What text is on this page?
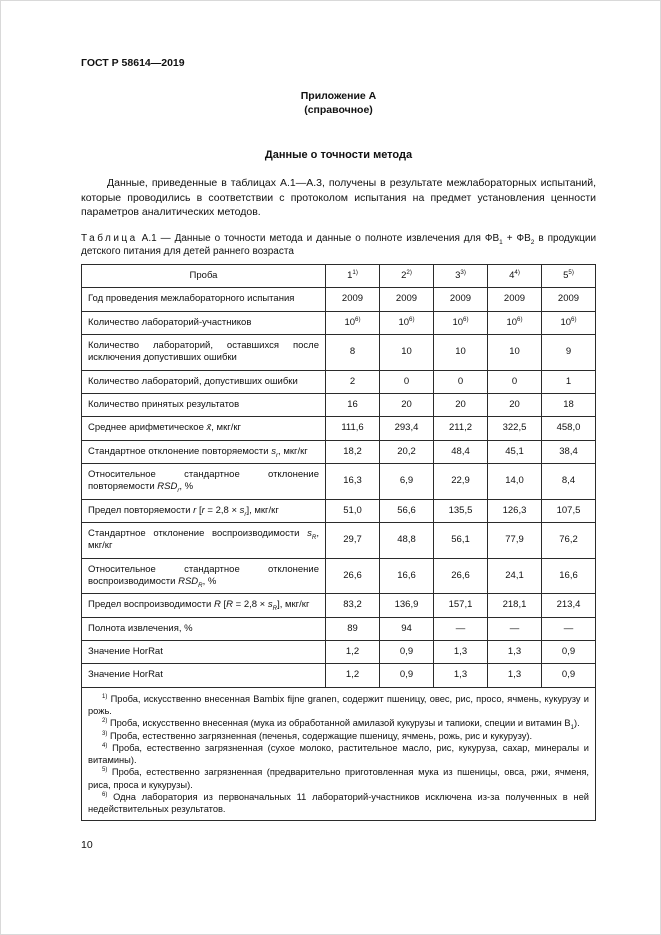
ГОСТ Р 58614—2019
Приложение А
(справочное)
Данные о точности метода

Данные, приведенные в таблицах А.1—А.3, получены в результате межлабораторных испытаний, которые проводились в соответствии с протоколом испытания на предмет установления ценности параметров аналитических методов.

Таблица А.1 — Данные о точности метода и данные о полноте извлечения для $ФВ_1 + ФВ_2$ в продукции детского питания для детей раннего возраста

Проба	1$^{1)}$	2$^{2)}$	3$^{3)}$	4$^{4)}$	5$^{5)}$
Год проведения межлабораторного испытания	2009	2009	2009	2009	2009
Количество лабораторий-участников	10$^{6)}$	10$^{6)}$	10$^{6)}$	10$^{6)}$	10$^{6)}$
Количество лабораторий, оставшихся после исключения допустивших ошибки	8	10	10	10	9
Количество лабораторий, допустивших ошибки	2	0	0	0	1
Количество принятых результатов	16	20	20	20	18
Среднее арифметическое x̄, мкг/кг	111,6	293,4	211,2	322,5	458,0
Стандартное отклонение повторяемости $s_r$, мкг/кг	18,2	20,2	48,4	45,1	38,4
Относительное стандартное отклонение повторяемости $RSD_r$, %	16,3	6,9	22,9	14,0	8,4
Предел повторяемости r $[r = 2,8 \times s_r]$, мкг/кг	51,0	56,6	135,5	126,3	107,5
Стандартное отклонение воспроизводимости $s_R$, мкг/кг	29,7	48,8	56,1	77,9	76,2
Относительное стандартное отклонение воспроизводимости $RSD_R$, %	26,6	16,6	26,6	24,1	16,6
Предел воспроизводимости R $[R = 2,8 \times s_R]$, мкг/кг	83,2	136,9	157,1	218,1	213,4
Полнота извлечения, %	89	94	—	—	—
Значение HorRat	1,2	0,9	1,3	1,3	0,9
Значение HorRat	1,2	0,9	1,3	1,3	0,9

$^{1)}$ Проба, искусственно внесенная Bambix fijne granen, содержит пшеницу, овес, рис, просо, ячмень, кукурузу и рожь.

$^{2)}$ Проба, искусственно внесенная (мука из обработанной амилазой кукурузы и тапиоки, специи и витамин $В_1$).

$^{3)}$ Проба, естественно загрязненная (печенья, содержащие пшеницу, ячмень, рожь, рис и кукурузу).

$^{4)}$ Проба, естественно загрязненная (сухое молоко, растительное масло, рис, кукуруза, сахар, минералы и витамины).

$^{5)}$ Проба, естественно загрязненная (предварительно приготовленная мука из пшеницы, овса, ржи, ячменя, риса, проса и кукурузы).

$^{6)}$ Одна лаборатория из первоначальных 11 лабораторий-участников исключена из-за полученных в ней недействительных результатов.

10
